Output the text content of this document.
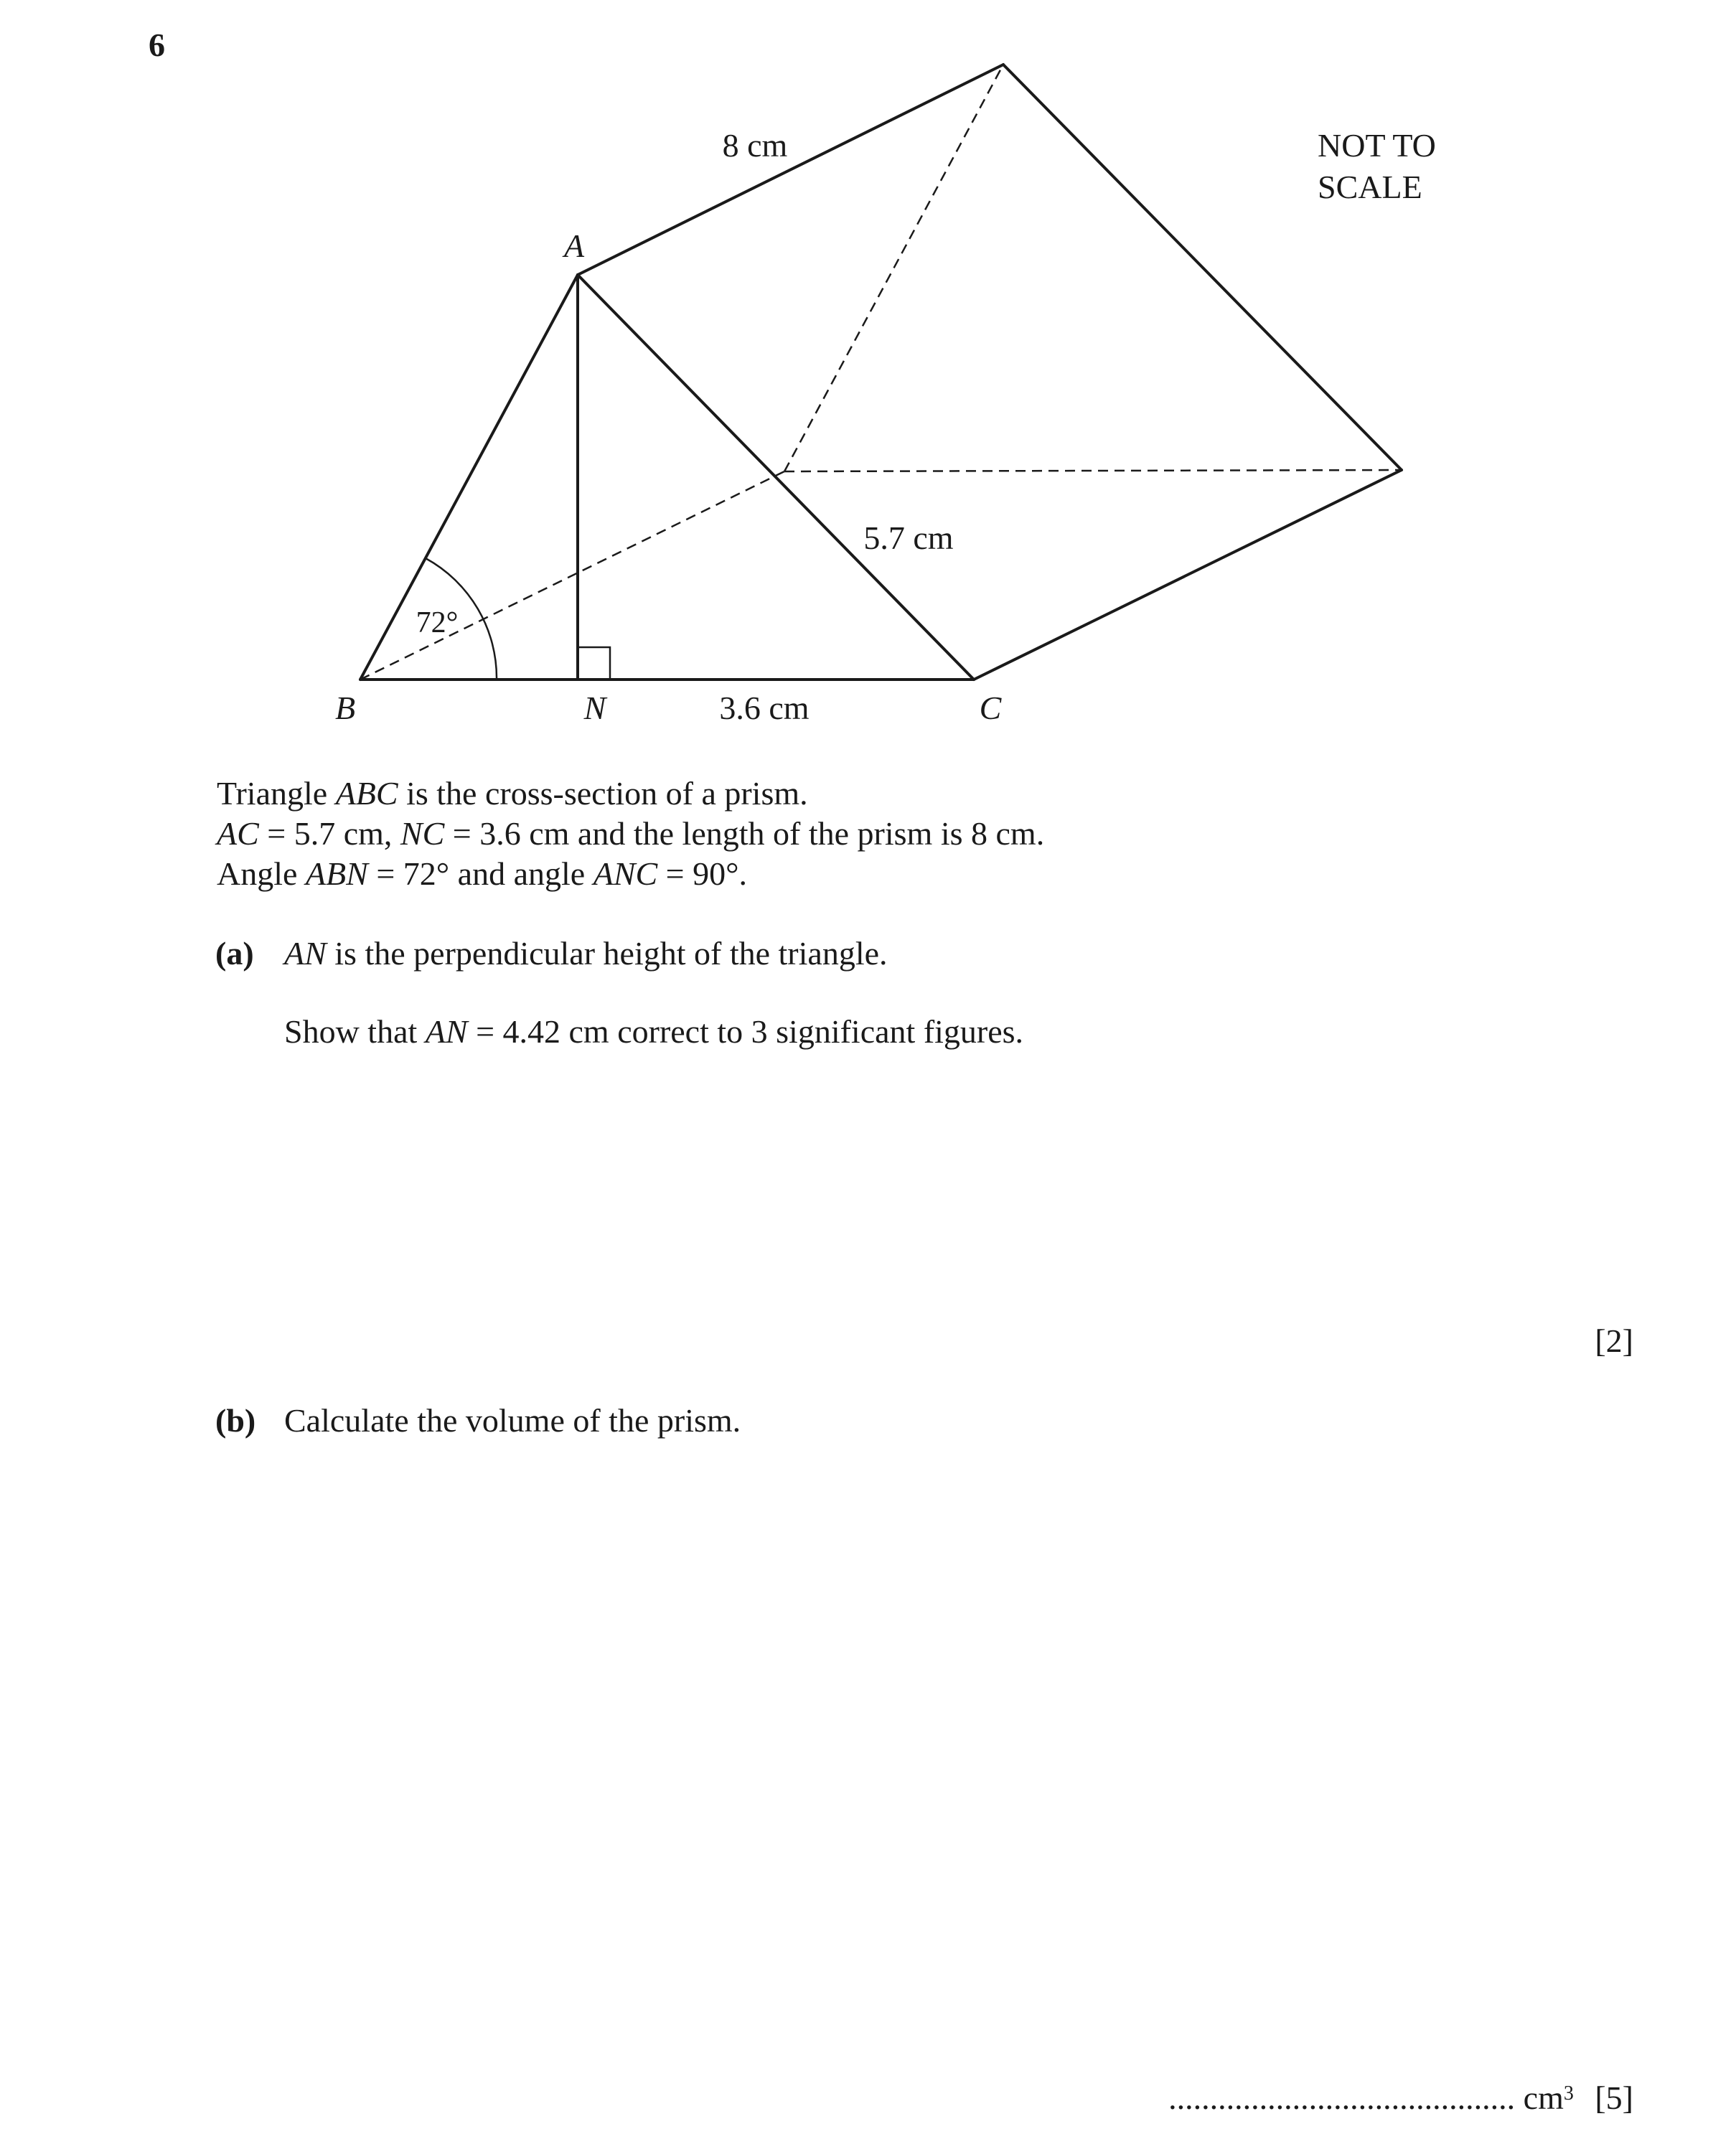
6
8 cm
A
5.7 cm
72°
B	N	3.6 cm	C
NOT TO
SCALE
Triangle ABC is the cross-section of a prism.
AC = 5.7 cm, NC = 3.6 cm and the length of the prism is 8 cm.
Angle ABN = 72° and angle ANC = 90°.
(a) AN is the perpendicular height of the triangle.
Show that AN = 4.42 cm correct to 3 significant figures.
[2]
(b) Calculate the volume of the prism.
.......................................... $cm^3$ [5]
